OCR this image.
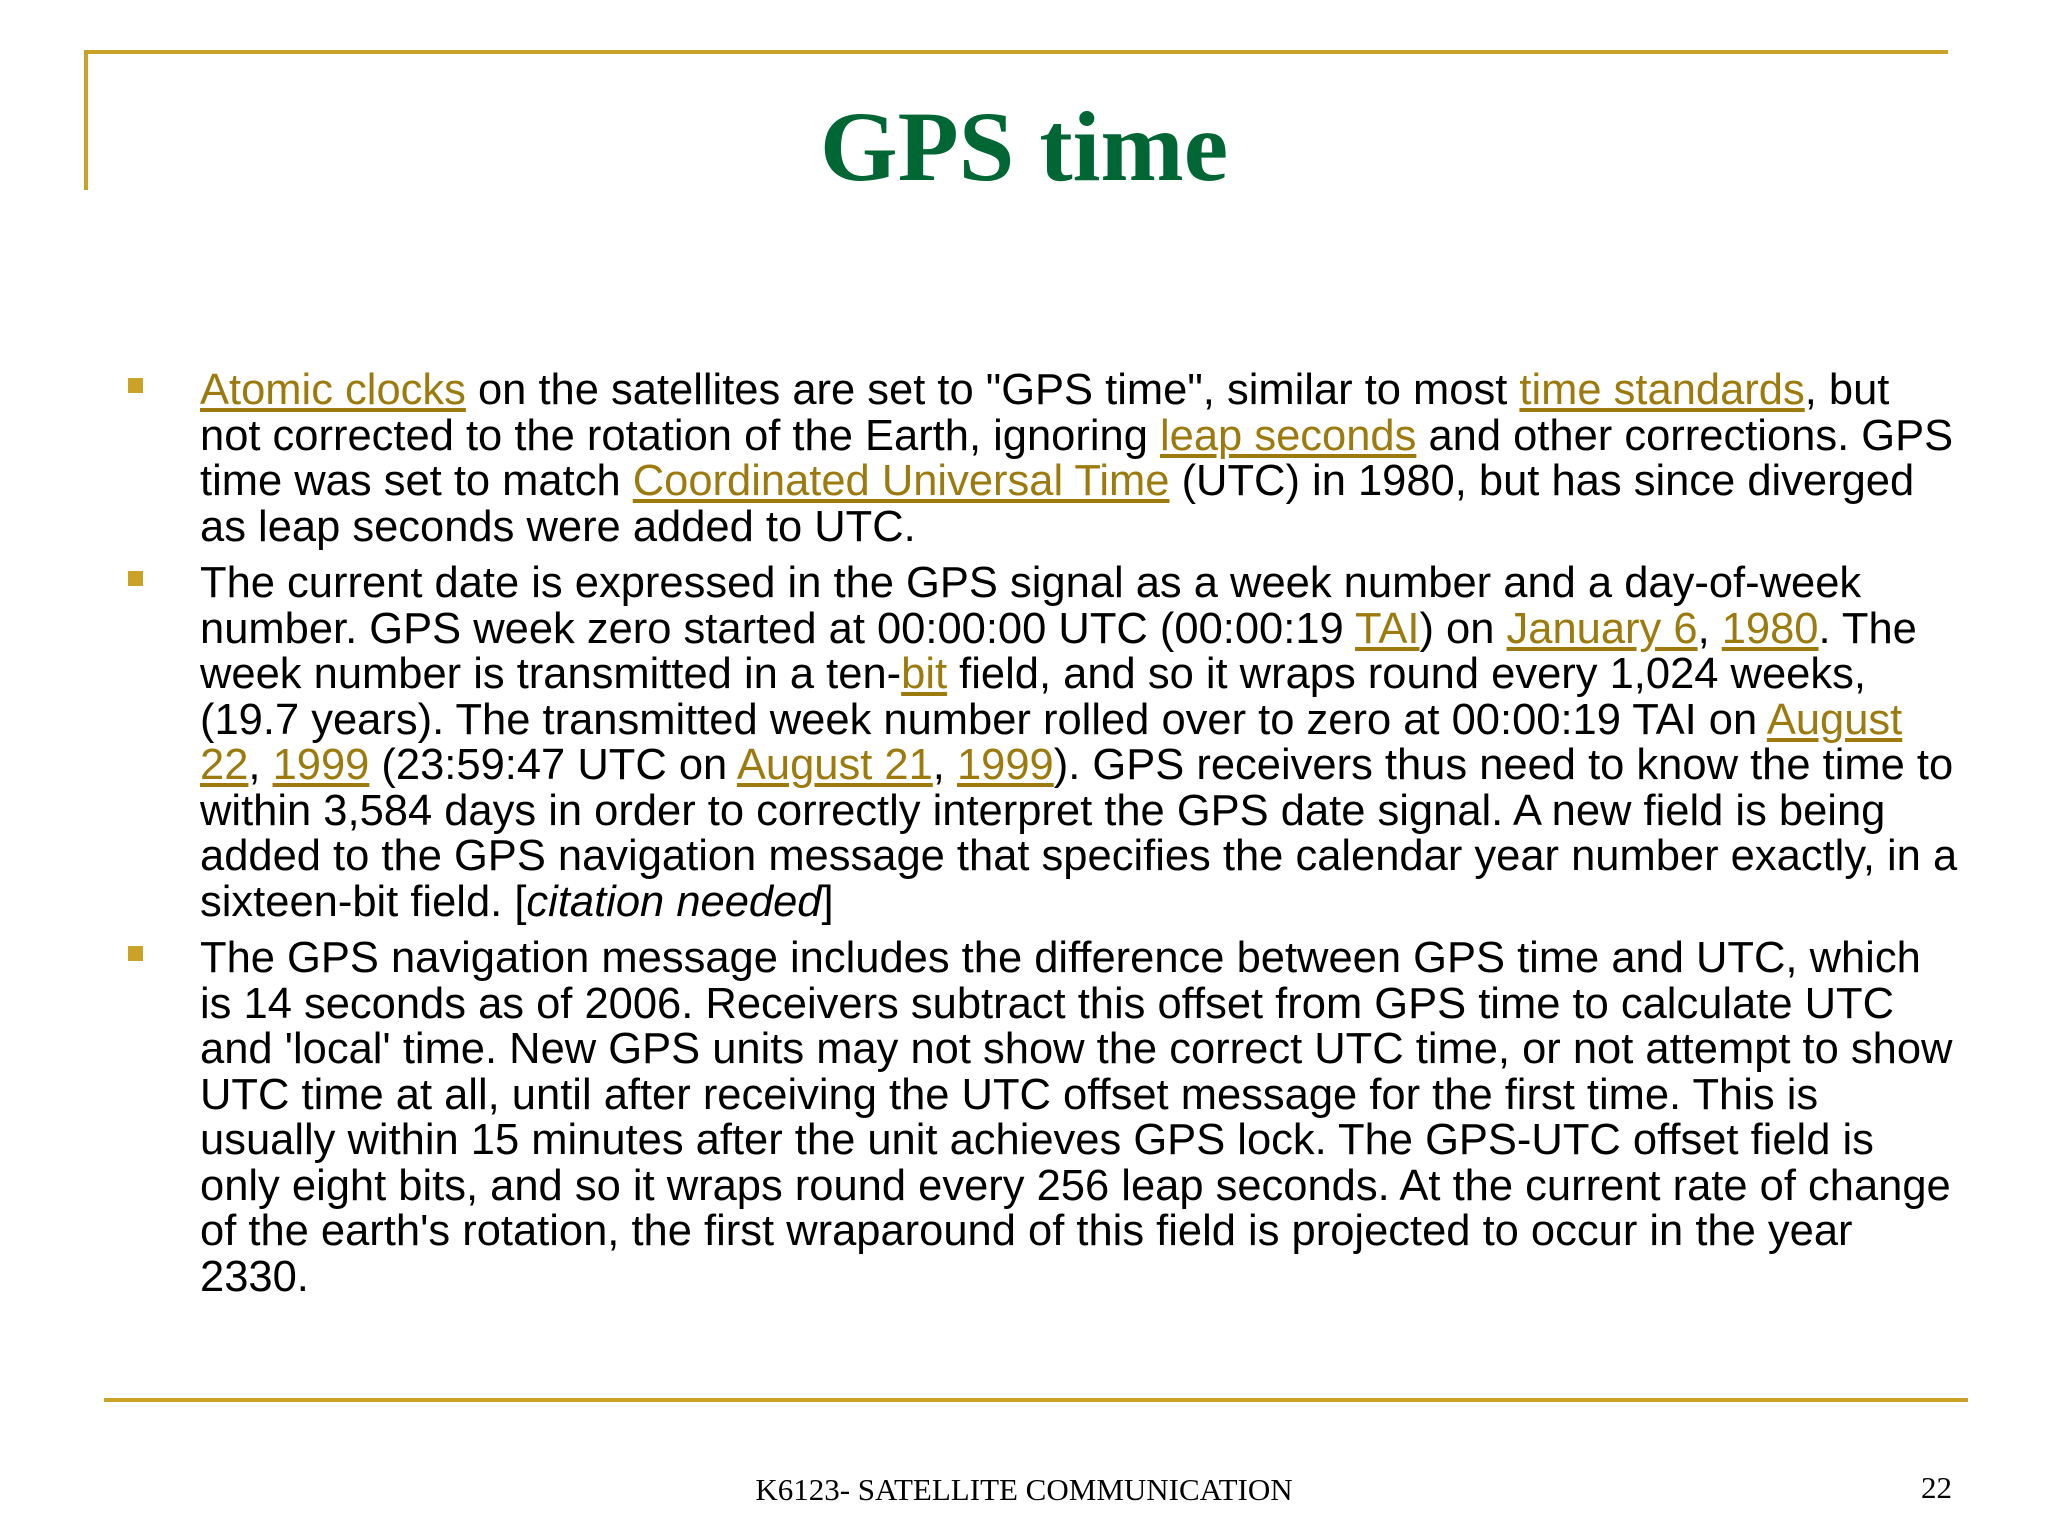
GPS time
Atomic clocks on the satellites are set to "GPS time", similar to most time standards, but not corrected to the rotation of the Earth, ignoring leap seconds and other corrections. GPS time was set to match Coordinated Universal Time (UTC) in 1980, but has since diverged as leap seconds were added to UTC.
The current date is expressed in the GPS signal as a week number and a day-of-week number. GPS week zero started at 00:00:00 UTC (00:00:19 TAI) on January 6, 1980. The week number is transmitted in a ten-bit field, and so it wraps round every 1,024 weeks, (19.7 years). The transmitted week number rolled over to zero at 00:00:19 TAI on August 22, 1999 (23:59:47 UTC on August 21, 1999). GPS receivers thus need to know the time to within 3,584 days in order to correctly interpret the GPS date signal. A new field is being added to the GPS navigation message that specifies the calendar year number exactly, in a sixteen-bit field. [citation needed]
The GPS navigation message includes the difference between GPS time and UTC, which is 14 seconds as of 2006. Receivers subtract this offset from GPS time to calculate UTC and 'local' time. New GPS units may not show the correct UTC time, or not attempt to show UTC time at all, until after receiving the UTC offset message for the first time. This is usually within 15 minutes after the unit achieves GPS lock. The GPS-UTC offset field is only eight bits, and so it wraps round every 256 leap seconds. At the current rate of change of the earth's rotation, the first wraparound of this field is projected to occur in the year 2330.
K6123- SATELLITE COMMUNICATION	22
